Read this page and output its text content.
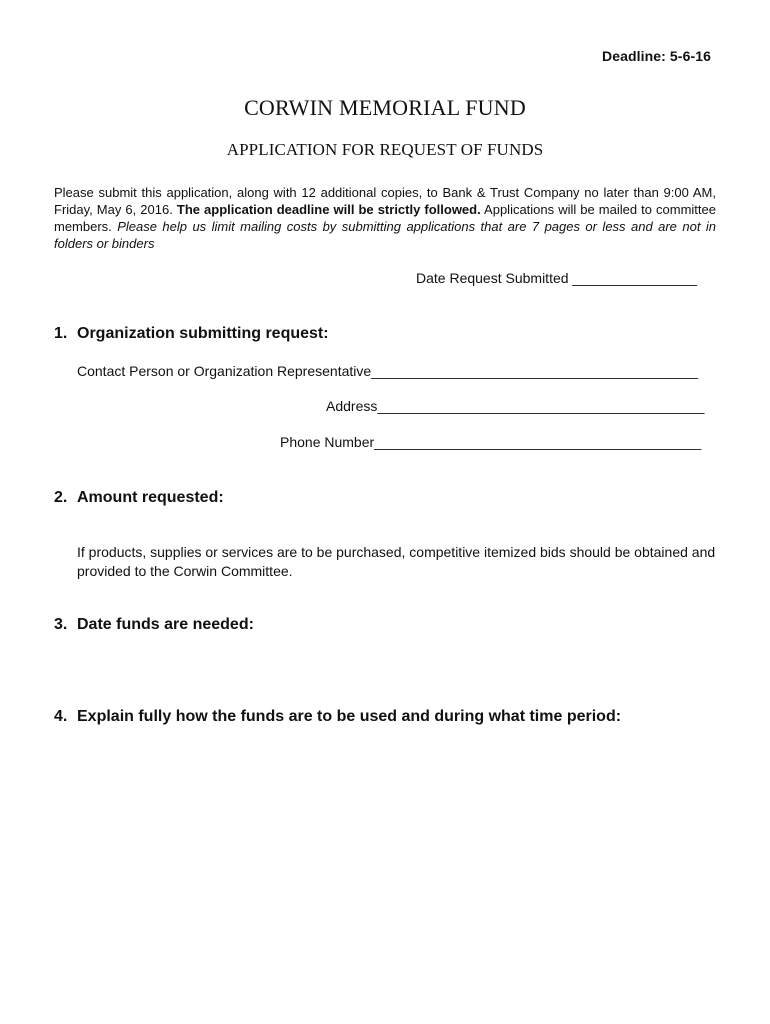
Deadline: 5-6-16
CORWIN MEMORIAL FUND
APPLICATION FOR REQUEST OF FUNDS
Please submit this application, along with 12 additional copies, to Bank & Trust Company no later than 9:00 AM, Friday, May 6, 2016. The application deadline will be strictly followed. Applications will be mailed to committee members. Please help us limit mailing costs by submitting applications that are 7 pages or less and are not in folders or binders
Date Request Submitted ________________
1. Organization submitting request:
Contact Person or Organization Representative__________________________________________
Address__________________________________________
Phone Number__________________________________________
2. Amount requested:
If products, supplies or services are to be purchased, competitive itemized bids should be obtained and provided to the Corwin Committee.
3. Date funds are needed:
4. Explain fully how the funds are to be used and during what time period:
